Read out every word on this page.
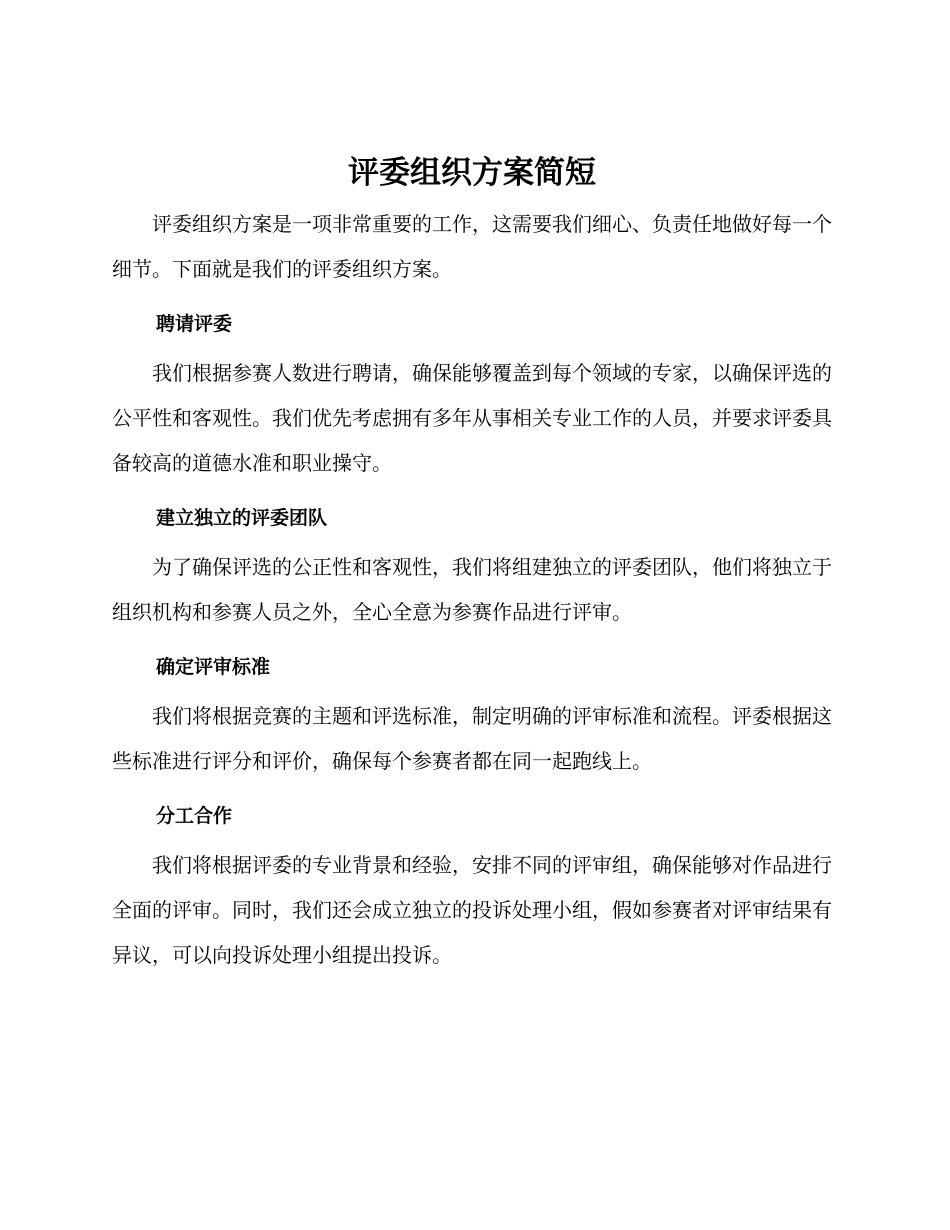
评委组织方案简短

评委组织方案是一项非常重要的工作，这需要我们细心、负责任地做好每一个细节。下面就是我们的评委组织方案。

聘请评委

我们根据参赛人数进行聘请，确保能够覆盖到每个领域的专家，以确保评选的公平性和客观性。我们优先考虑拥有多年从事相关专业工作的人员，并要求评委具备较高的道德水准和职业操守。

建立独立的评委团队

为了确保评选的公正性和客观性，我们将组建独立的评委团队，他们将独立于组织机构和参赛人员之外，全心全意为参赛作品进行评审。

确定评审标准

我们将根据竞赛的主题和评选标准，制定明确的评审标准和流程。评委根据这些标准进行评分和评价，确保每个参赛者都在同一起跑线上。

分工合作

我们将根据评委的专业背景和经验，安排不同的评审组，确保能够对作品进行全面的评审。同时，我们还会成立独立的投诉处理小组，假如参赛者对评审结果有异议，可以向投诉处理小组提出投诉。
